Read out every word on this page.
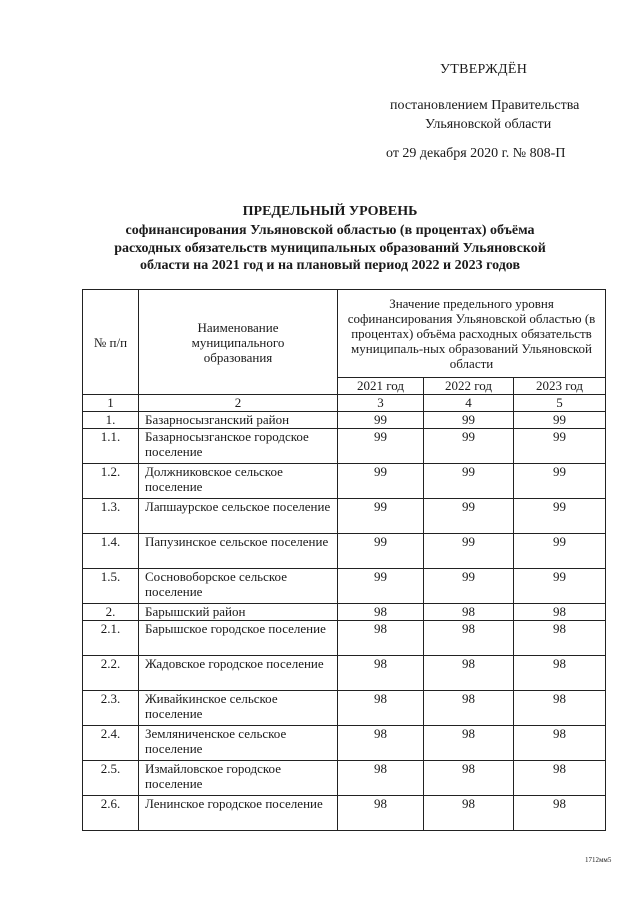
УТВЕРЖДЁН
постановлением Правительства
Ульяновской области
от 29 декабря 2020 г. № 808-П
ПРЕДЕЛЬНЫЙ УРОВЕНЬ
софинансирования Ульяновской областью (в процентах) объёма
расходных обязательств муниципальных образований Ульяновской
области на 2021 год и на плановый период 2022 и 2023 годов
№ п/п	Наименование муниципального образования	Значение предельного уровня софинансирования Ульяновской областью (в процентах) объёма расходных обязательств муниципаль-ных образований Ульяновской области		
		2021 год	2022 год	2023 год
1	2	3	4	5
1.	Базарносызганский район	99	99	99
1.1.	Базарносызганское городское поселение	99	99	99
1.2.	Должниковское сельское поселение	99	99	99
1.3.	Лапшаурское сельское поселение	99	99	99
1.4.	Папузинское сельское поселение	99	99	99
1.5.	Сосновоборское сельское поселение	99	99	99
2.	Барышский район	98	98	98
2.1.	Барышское городское поселение	98	98	98
2.2.	Жадовское городское поселение	98	98	98
2.3.	Живайкинское сельское поселение	98	98	98
2.4.	Земляниченское сельское поселение	98	98	98
2.5.	Измайловское городское поселение	98	98	98
2.6.	Ленинское городское поселение	98	98	98
1712мм5
